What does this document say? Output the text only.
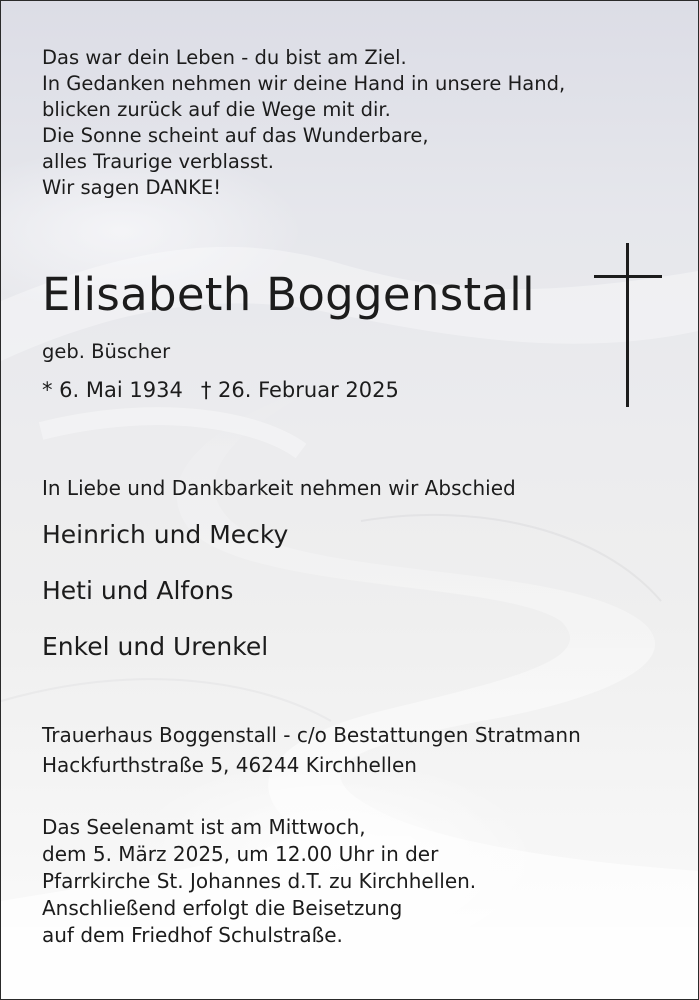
Das war dein Leben - du bist am Ziel.
In Gedanken nehmen wir deine Hand in unsere Hand,
blicken zurück auf die Wege mit dir.
Die Sonne scheint auf das Wunderbare,
alles Traurige verblasst.
Wir sagen DANKE!
Elisabeth Boggenstall
geb. Büscher
* 6. Mai 1934 † 26. Februar 2025
In Liebe und Dankbarkeit nehmen wir Abschied
Heinrich und Mecky
Heti und Alfons
Enkel und Urenkel
Trauerhaus Boggenstall - c/o Bestattungen Stratmann
Hackfurthstraße 5, 46244 Kirchhellen
Das Seelenamt ist am Mittwoch,
dem 5. März 2025, um 12.00 Uhr in der
Pfarrkirche St. Johannes d.T. zu Kirchhellen.
Anschließend erfolgt die Beisetzung
auf dem Friedhof Schulstraße.
